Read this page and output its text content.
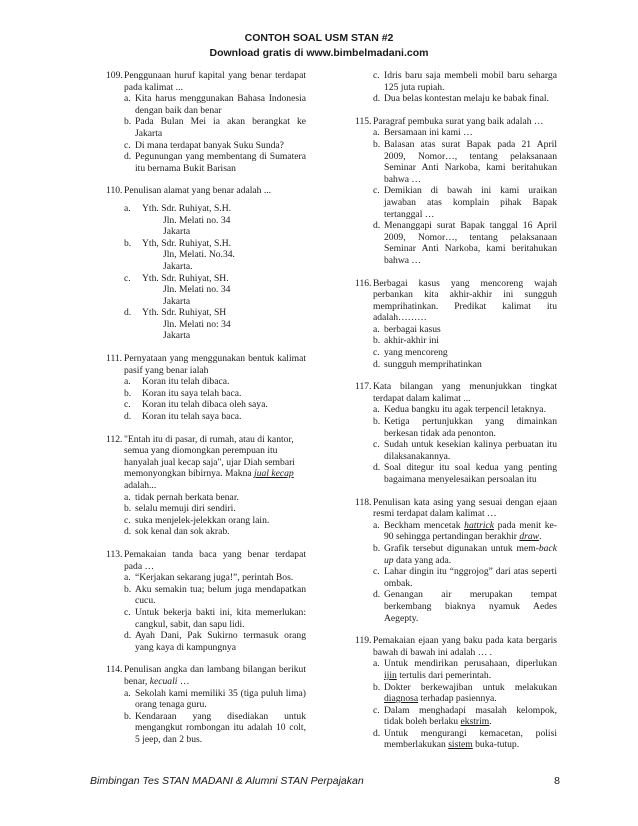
CONTOH SOAL USM STAN #2
Download gratis di www.bimbelmadani.com
109. Penggunaan huruf kapital yang benar terdapat pada kalimat ...
a. Kita harus menggunakan Bahasa Indonesia dengan baik dan benar
b. Pada Bulan Mei ia akan berangkat ke Jakarta
c. Di mana terdapat banyak Suku Sunda?
d. Pegunungan yang membentang di Sumatera itu bernama Bukit Barisan
110. Penulisan alamat yang benar adalah ...
a. Yth. Sdr. Ruhiyat, S.H.
Jln. Melati no. 34
Jakarta
b. Yth, Sdr. Ruhiyat, S.H.
Jln, Melati. No.34.
Jakarta.
c. Yth. Sdr. Ruhiyat, SH.
Jln. Melati no. 34
Jakarta
d. Yth. Sdr. Ruhiyat, SH
Jln. Melati no: 34
Jakarta
111. Pernyataan yang menggunakan bentuk kalimat pasif yang benar ialah
a. Koran itu telah dibaca.
b. Koran itu saya telah baca.
c. Koran itu telah dibaca oleh saya.
d. Koran itu telah saya baca.
112. "Entah itu di pasar, di rumah, atau di kantor, semua yang diomongkan perempuan itu hanyalah jual kecap saja", ujar Diah sembari memonyongkan bibirnya. Makna jual kecap adalah...
a. tidak pernah berkata benar.
b. selalu memuji diri sendiri.
c. suka menjelek-jelekkan orang lain.
d. sok kenal dan sok akrab.
113. Pemakaian tanda baca yang benar terdapat pada …
a. “Kerjakan sekarang juga!”, perintah Bos.
b. Aku semakin tua; belum juga mendapatkan cucu.
c. Untuk bekerja bakti ini, kita memerlukan: cangkul, sabit, dan sapu lidi.
d. Ayah Dani, Pak Sukirno termasuk orang yang kaya di kampungnya
114. Penulisan angka dan lambang bilangan berikut benar, kecuali …
a. Sekolah kami memiliki 35 (tiga puluh lima) orang tenaga guru.
b. Kendaraan yang disediakan untuk mengangkut rombongan itu adalah 10 colt, 5 jeep, dan 2 bus.
c. Idris baru saja membeli mobil baru seharga 125 juta rupiah.
d. Dua belas kontestan melaju ke babak final.
115. Paragraf pembuka surat yang baik adalah …
a. Bersamaan ini kami …
b. Balasan atas surat Bapak pada 21 April 2009, Nomor…, tentang pelaksanaan Seminar Anti Narkoba, kami beritahukan bahwa …
c. Demikian di bawah ini kami uraikan jawaban atas komplain pihak Bapak tertanggal …
d. Menanggapi surat Bapak tanggal 16 April 2009, Nomor…, tentang pelaksanaan Seminar Anti Narkoba, kami beritahukan bahwa …
116. Berbagai kasus yang mencoreng wajah perbankan kita akhir-akhir ini sungguh memprihatinkan. Predikat kalimat itu adalah………
a. berbagai kasus
b. akhir-akhir ini
c. yang mencoreng
d. sungguh memprihatinkan
117. Kata bilangan yang menunjukkan tingkat terdapat dalam kalimat ...
a. Kedua bangku itu agak terpencil letaknya.
b. Ketiga pertunjukkan yang dimainkan berkesan tidak ada penonton.
c. Sudah untuk kesekian kalinya perbuatan itu dilaksanakannya.
d. Soal ditegur itu soal kedua yang penting bagaimana menyelesaikan persoalan itu
118. Penulisan kata asing yang sesuai dengan ejaan resmi terdapat dalam kalimat …
a. Beckham mencetak hattrick pada menit ke-90 sehingga pertandingan berakhir draw.
b. Grafik tersebut digunakan untuk mem-back up data yang ada.
c. Lahar dingin itu “nggrojog” dari atas seperti ombak.
d. Genangan air merupakan tempat berkembang biaknya nyamuk Aedes Aegepty.
119. Pemakaian ejaan yang baku pada kata bergaris bawah di bawah ini adalah … .
a. Untuk mendirikan perusahaan, diperlukan ijin tertulis dari pemerintah.
b. Dokter berkewajiban untuk melakukan diagnosa terhadap pasiennya.
c. Dalam menghadapi masalah kelompok, tidak boleh berlaku ekstrim.
d. Untuk mengurangi kemacetan, polisi memberlakukan sistem buka-tutup.
Bimbingan Tes STAN MADANI & Alumni STAN Perpajakan	8
